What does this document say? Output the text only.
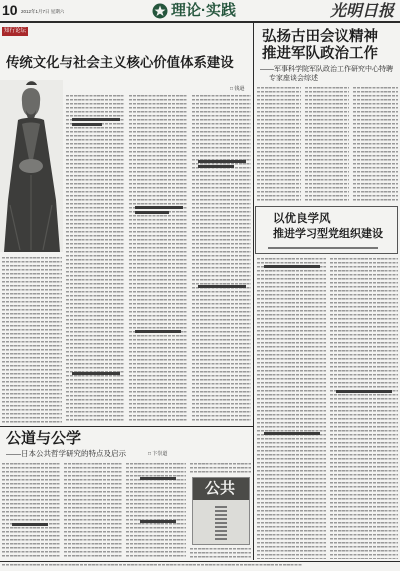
10 2012年1月7日 星期六	理论·实践	光明日报
知行论坛
传统文化与社会主义核心价值体系建设
□ 钱逊
弘扬古田会议精神
推进军队政治工作
——军事科学院军队政治工作研究中心特聘
专家座谈会综述
以优良学风
推进学习型党组织建设
公道与公学
——日本公共哲学研究的特点及启示	□ 卞崇道
公共
